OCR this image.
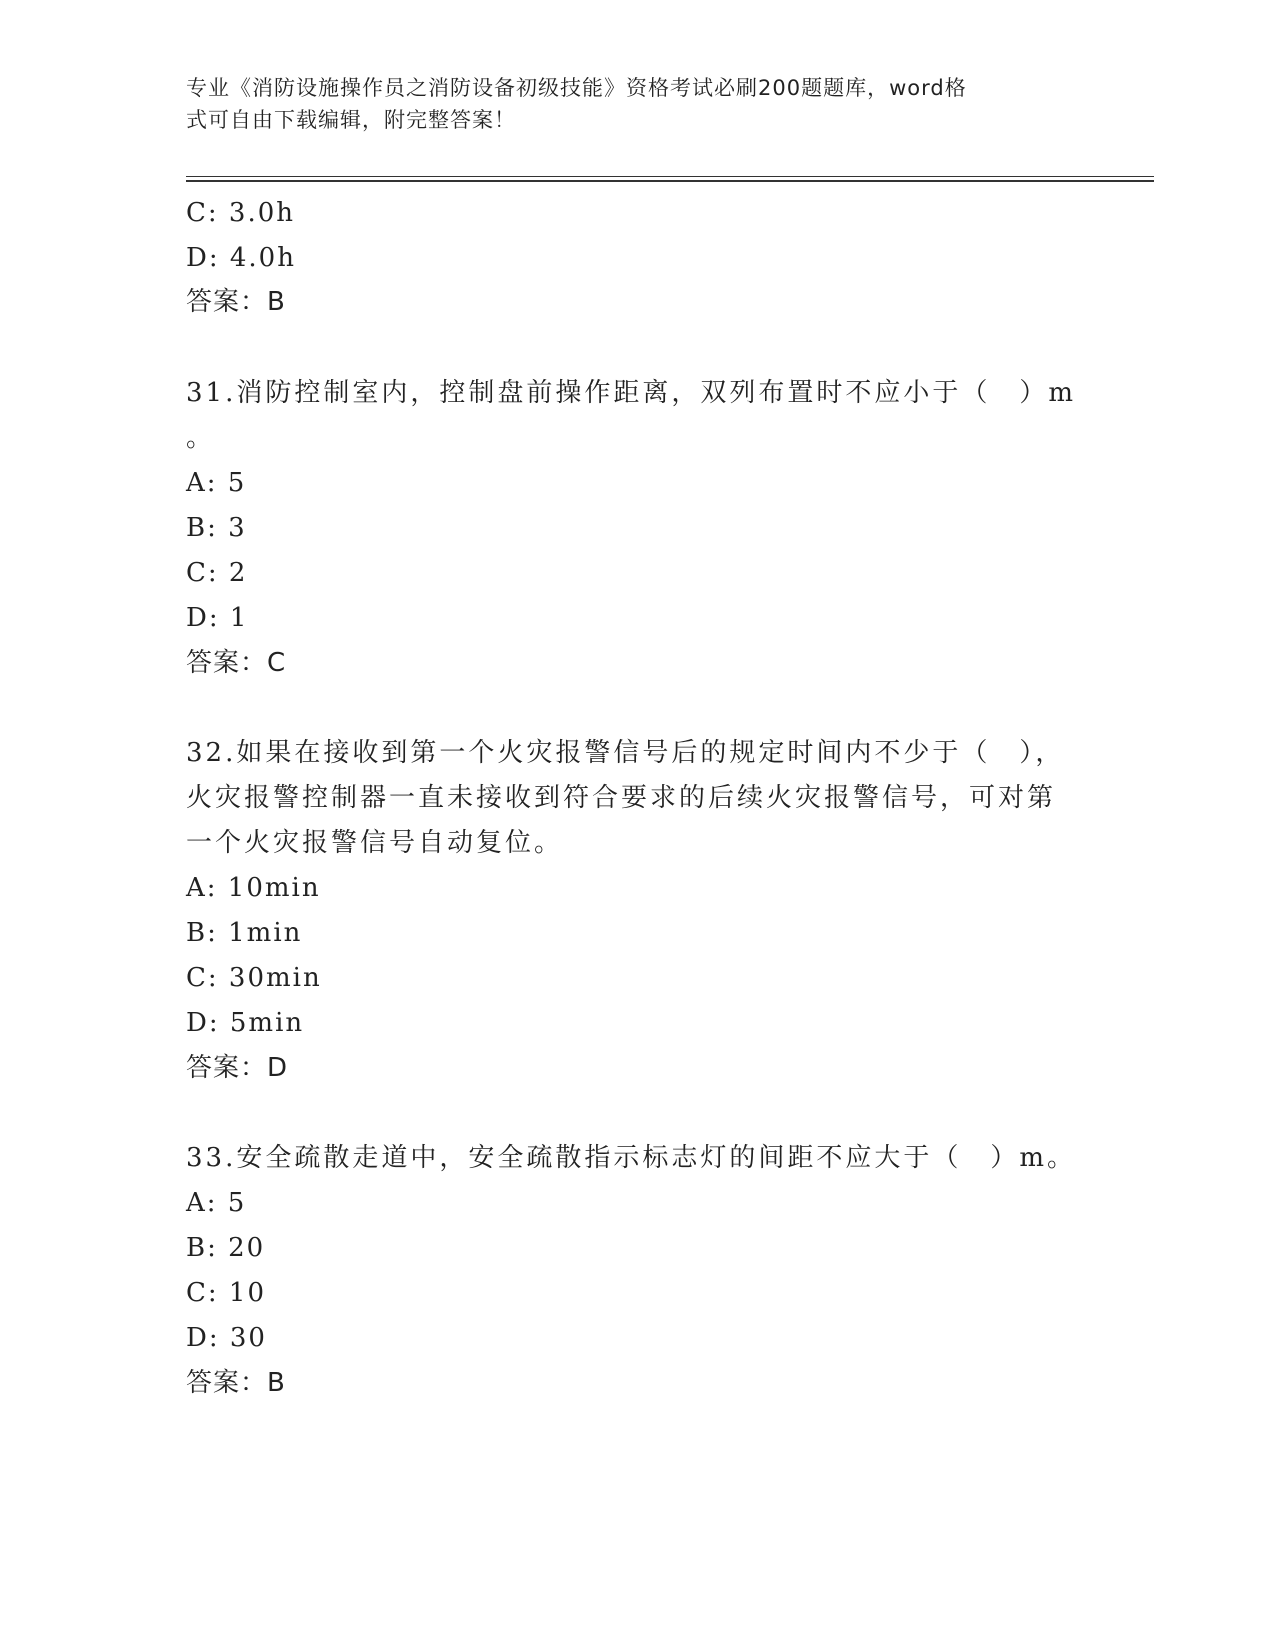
专业《消防设施操作员之消防设备初级技能》资格考试必刷200题题库，word格
式可自由下载编辑，附完整答案！
C: 3.0h
D: 4.0h
答案：B
31.消防控制室内，控制盘前操作距离，双列布置时不应小于（　）m
。
A: 5
B: 3
C: 2
D: 1
答案：C
32.如果在接收到第一个火灾报警信号后的规定时间内不少于（　），
火灾报警控制器一直未接收到符合要求的后续火灾报警信号，可对第
一个火灾报警信号自动复位。
A: 10min
B: 1min
C: 30min
D: 5min
答案：D
33.安全疏散走道中，安全疏散指示标志灯的间距不应大于（　）m。
A: 5
B: 20
C: 10
D: 30
答案：B
